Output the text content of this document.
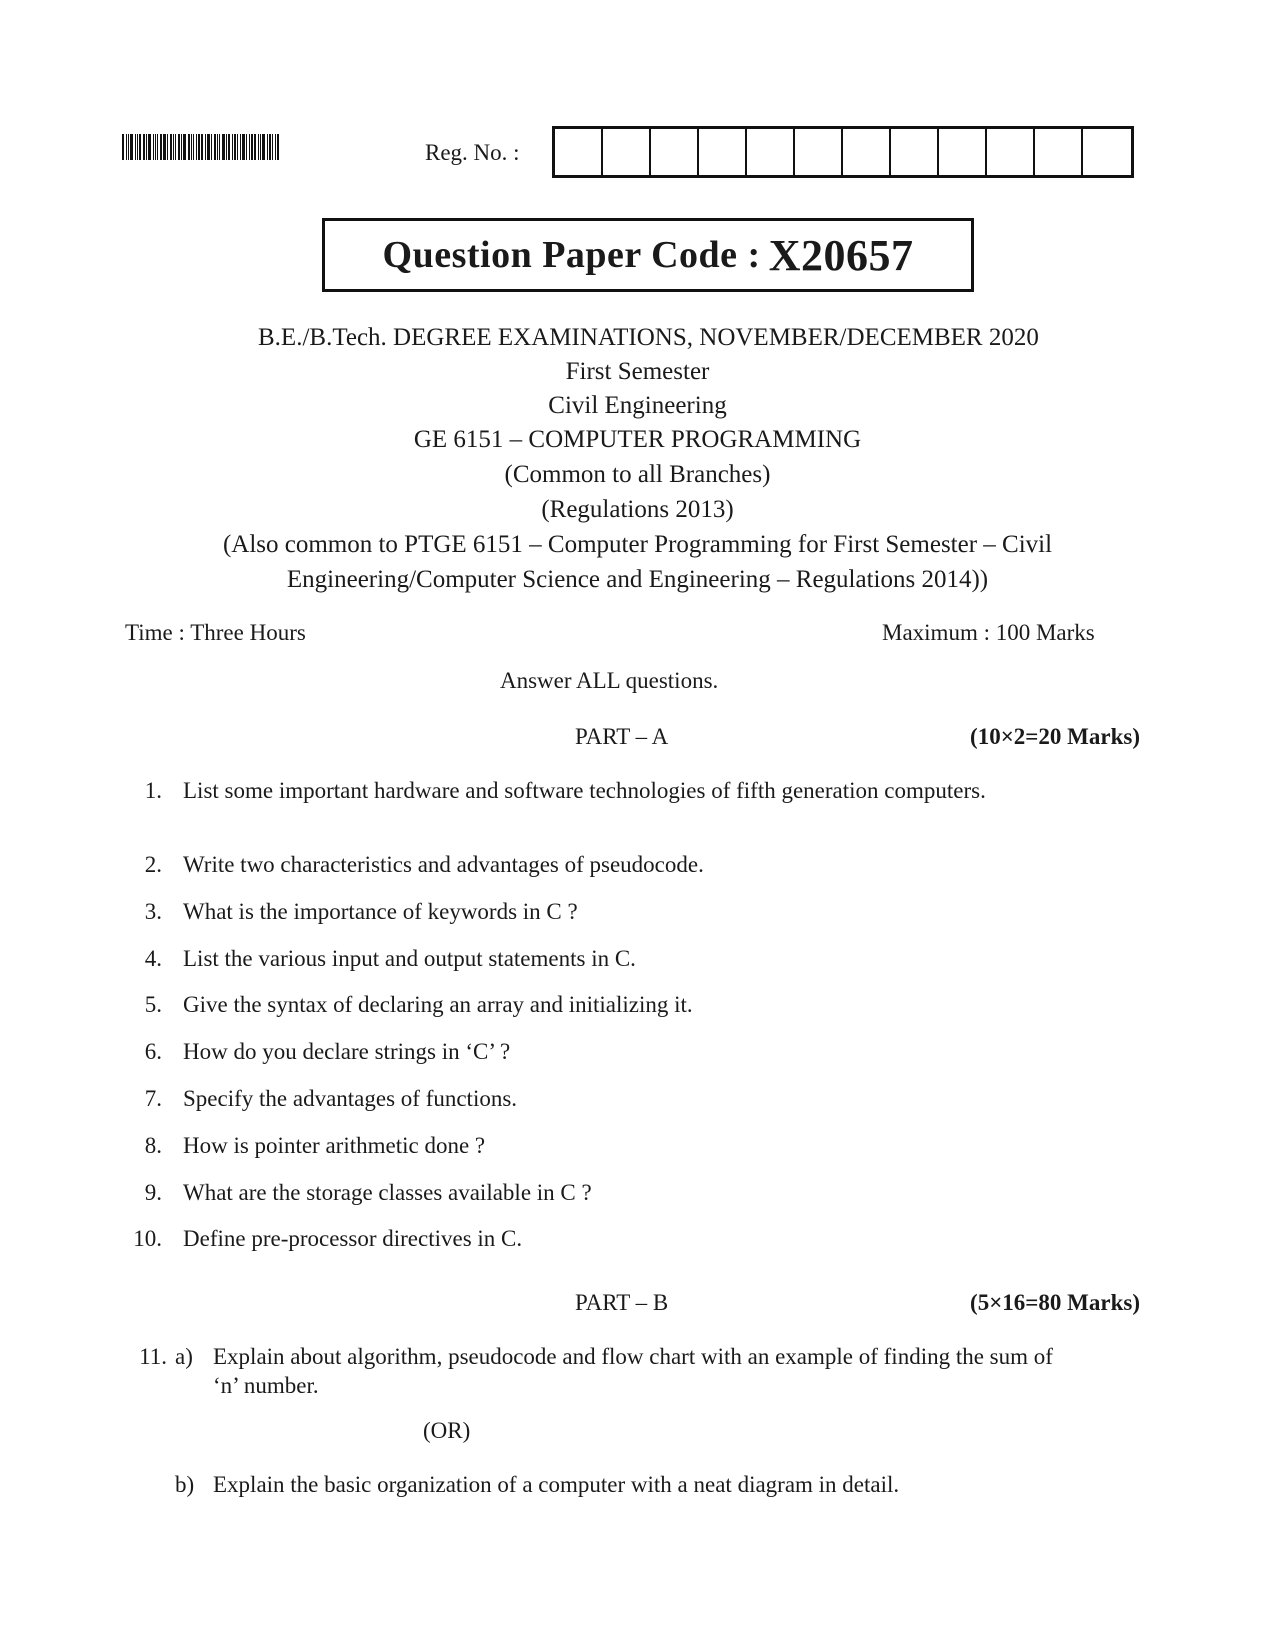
Reg. No. :
Question Paper Code : X20657
B.E./B.Tech. DEGREE EXAMINATIONS, NOVEMBER/DECEMBER 2020
First Semester
Civil Engineering
GE 6151 – COMPUTER PROGRAMMING
(Common to all Branches)
(Regulations 2013)
(Also common to PTGE 6151 – Computer Programming for First Semester – Civil
Engineering/Computer Science and Engineering – Regulations 2014))
Time : Three Hours	Maximum : 100 Marks
Answer ALL questions.
PART – A	(10×2=20 Marks)
1. List some important hardware and software technologies of fifth generation computers.
2. Write two characteristics and advantages of pseudocode.
3. What is the importance of keywords in C ?
4. List the various input and output statements in C.
5. Give the syntax of declaring an array and initializing it.
6. How do you declare strings in ‘C’ ?
7. Specify the advantages of functions.
8. How is pointer arithmetic done ?
9. What are the storage classes available in C ?
10. Define pre-processor directives in C.
PART – B	(5×16=80 Marks)
11. a) Explain about algorithm, pseudocode and flow chart with an example of finding the sum of ‘n’ number.
(OR)
b) Explain the basic organization of a computer with a neat diagram in detail.
